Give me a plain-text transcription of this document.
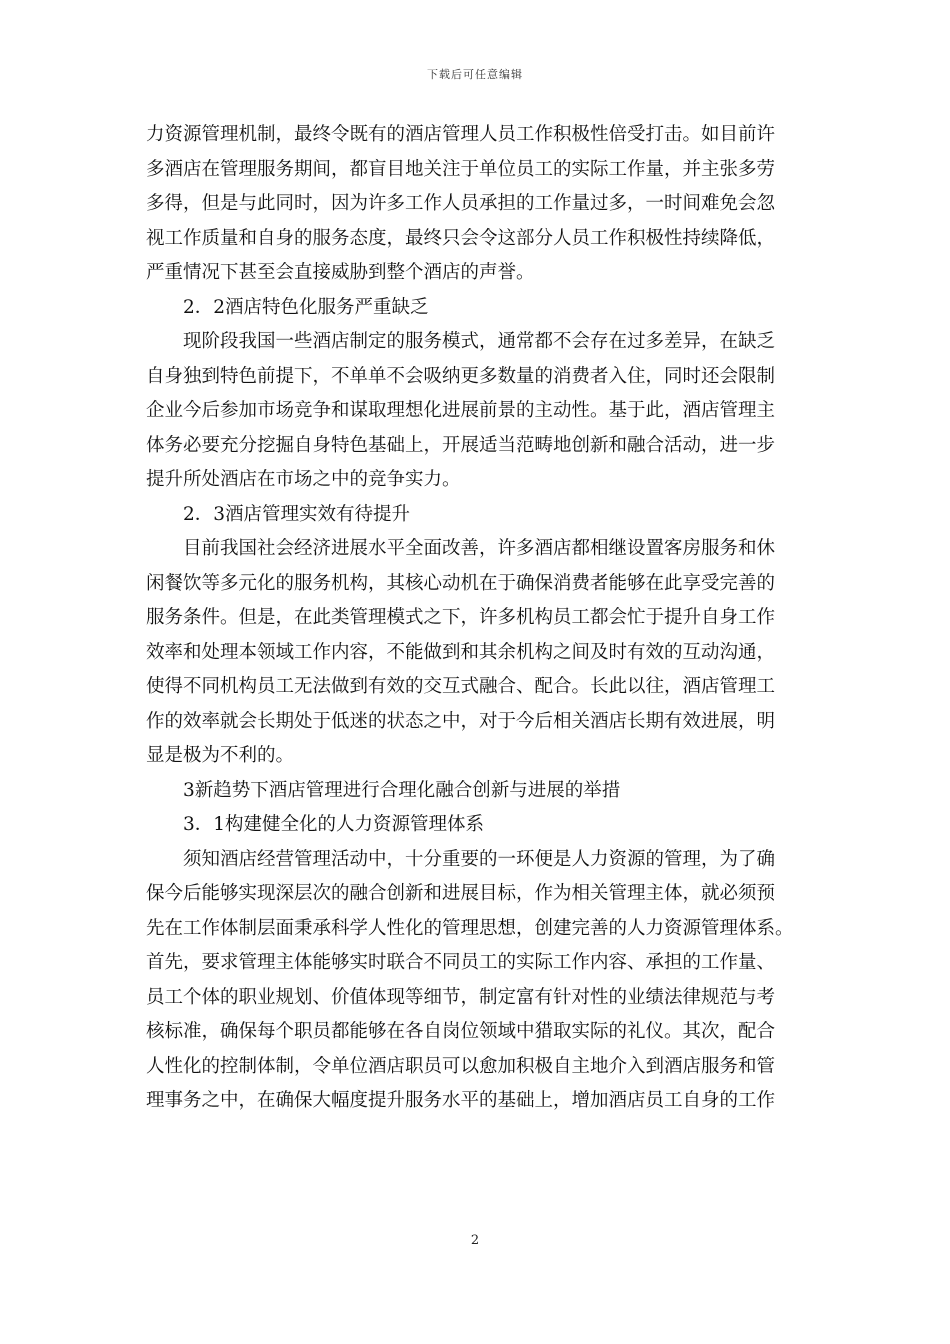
下载后可任意编辑
力资源管理机制，最终令既有的酒店管理人员工作积极性倍受打击。如目前许
多酒店在管理服务期间，都盲目地关注于单位员工的实际工作量，并主张多劳
多得，但是与此同时，因为许多工作人员承担的工作量过多，一时间难免会忽
视工作质量和自身的服务态度，最终只会令这部分人员工作积极性持续降低，
严重情况下甚至会直接威胁到整个酒店的声誉。
2．2酒店特色化服务严重缺乏
现阶段我国一些酒店制定的服务模式，通常都不会存在过多差异，在缺乏
自身独到特色前提下，不单单不会吸纳更多数量的消费者入住，同时还会限制
企业今后参加市场竞争和谋取理想化进展前景的主动性。基于此，酒店管理主
体务必要充分挖掘自身特色基础上，开展适当范畴地创新和融合活动，进一步
提升所处酒店在市场之中的竞争实力。
2．3酒店管理实效有待提升
目前我国社会经济进展水平全面改善，许多酒店都相继设置客房服务和休
闲餐饮等多元化的服务机构，其核心动机在于确保消费者能够在此享受完善的
服务条件。但是，在此类管理模式之下，许多机构员工都会忙于提升自身工作
效率和处理本领域工作内容，不能做到和其余机构之间及时有效的互动沟通，
使得不同机构员工无法做到有效的交互式融合、配合。长此以往，酒店管理工
作的效率就会长期处于低迷的状态之中，对于今后相关酒店长期有效进展，明
显是极为不利的。
3新趋势下酒店管理进行合理化融合创新与进展的举措
3．1构建健全化的人力资源管理体系
须知酒店经营管理活动中，十分重要的一环便是人力资源的管理，为了确
保今后能够实现深层次的融合创新和进展目标，作为相关管理主体，就必须预
先在工作体制层面秉承科学人性化的管理思想，创建完善的人力资源管理体系。
首先，要求管理主体能够实时联合不同员工的实际工作内容、承担的工作量、
员工个体的职业规划、价值体现等细节，制定富有针对性的业绩法律规范与考
核标准，确保每个职员都能够在各自岗位领域中猎取实际的礼仪。其次，配合
人性化的控制体制，令单位酒店职员可以愈加积极自主地介入到酒店服务和管
理事务之中，在确保大幅度提升服务水平的基础上，增加酒店员工自身的工作
2
